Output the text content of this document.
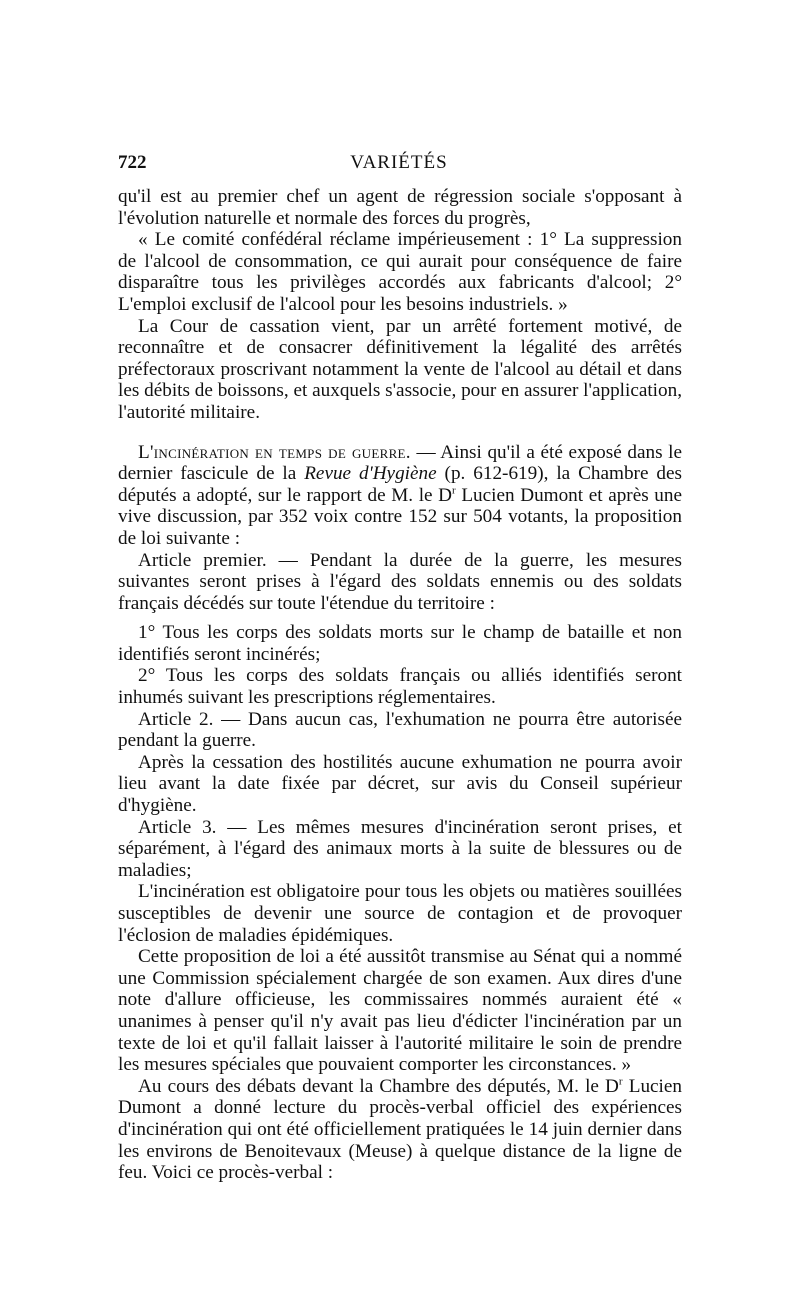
722	VARIÉTÉS

qu'il est au premier chef un agent de régression sociale s'opposant à l'évolution naturelle et normale des forces du progrès,

« Le comité confédéral réclame impérieusement : 1° La suppression de l'alcool de consommation, ce qui aurait pour conséquence de faire disparaître tous les privilèges accordés aux fabricants d'alcool; 2° L'emploi exclusif de l'alcool pour les besoins industriels. »

La Cour de cassation vient, par un arrêté fortement motivé, de reconnaître et de consacrer définitivement la légalité des arrêtés préfectoraux proscrivant notamment la vente de l'alcool au détail et dans les débits de boissons, et auxquels s'associe, pour en assurer l'application, l'autorité militaire.

L'incinération en temps de guerre. — Ainsi qu'il a été exposé dans le dernier fascicule de la Revue d'Hygiène (p. 612-619), la Chambre des députés a adopté, sur le rapport de M. le $D^r$ Lucien Dumont et après une vive discussion, par 352 voix contre 152 sur 504 votants, la proposition de loi suivante :

Article premier. — Pendant la durée de la guerre, les mesures suivantes seront prises à l'égard des soldats ennemis ou des soldats français décédés sur toute l'étendue du territoire :

1° Tous les corps des soldats morts sur le champ de bataille et non identifiés seront incinérés;

2° Tous les corps des soldats français ou alliés identifiés seront inhumés suivant les prescriptions réglementaires.

Article 2. — Dans aucun cas, l'exhumation ne pourra être autorisée pendant la guerre.

Après la cessation des hostilités aucune exhumation ne pourra avoir lieu avant la date fixée par décret, sur avis du Conseil supérieur d'hygiène.

Article 3. — Les mêmes mesures d'incinération seront prises, et séparément, à l'égard des animaux morts à la suite de blessures ou de maladies;

L'incinération est obligatoire pour tous les objets ou matières souillées susceptibles de devenir une source de contagion et de provoquer l'éclosion de maladies épidémiques.

Cette proposition de loi a été aussitôt transmise au Sénat qui a nommé une Commission spécialement chargée de son examen. Aux dires d'une note d'allure officieuse, les commissaires nommés auraient été « unanimes à penser qu'il n'y avait pas lieu d'édicter l'incinération par un texte de loi et qu'il fallait laisser à l'autorité militaire le soin de prendre les mesures spéciales que pouvaient comporter les circonstances. »

Au cours des débats devant la Chambre des députés, M. le $D^r$ Lucien Dumont a donné lecture du procès-verbal officiel des expériences d'incinération qui ont été officiellement pratiquées le 14 juin dernier dans les environs de Benoitevaux (Meuse) à quelque distance de la ligne de feu. Voici ce procès-verbal :
